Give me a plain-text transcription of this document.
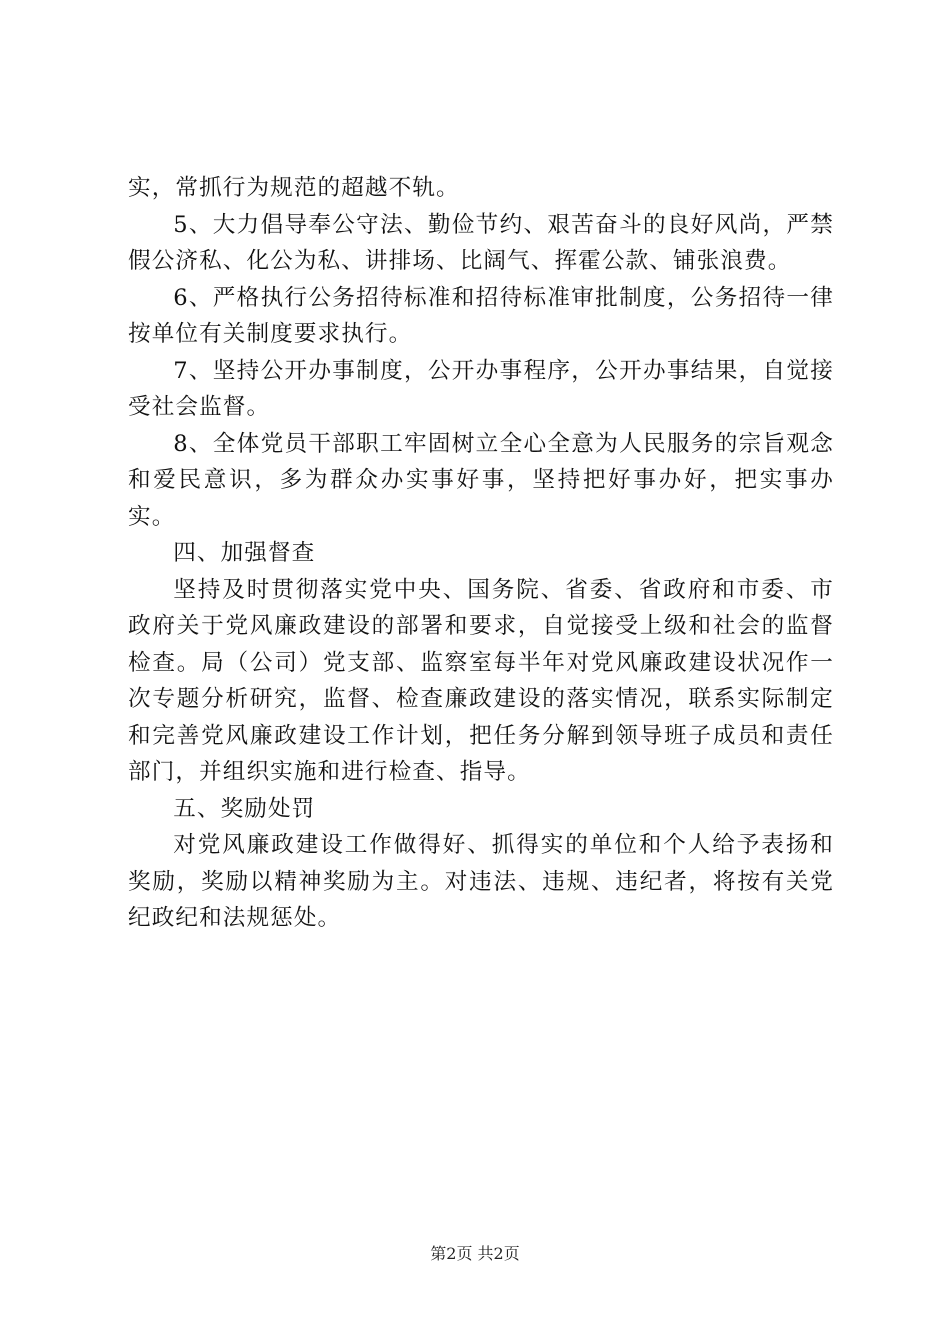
实，常抓行为规范的超越不轨。

5、大力倡导奉公守法、勤俭节约、艰苦奋斗的良好风尚，严禁假公济私、化公为私、讲排场、比阔气、挥霍公款、铺张浪费。

6、严格执行公务招待标准和招待标准审批制度，公务招待一律按单位有关制度要求执行。

7、坚持公开办事制度，公开办事程序，公开办事结果，自觉接受社会监督。

8、全体党员干部职工牢固树立全心全意为人民服务的宗旨观念和爱民意识，多为群众办实事好事，坚持把好事办好，把实事办实。

四、加强督查

坚持及时贯彻落实党中央、国务院、省委、省政府和市委、市政府关于党风廉政建设的部署和要求，自觉接受上级和社会的监督检查。局（公司）党支部、监察室每半年对党风廉政建设状况作一次专题分析研究，监督、检查廉政建设的落实情况，联系实际制定和完善党风廉政建设工作计划，把任务分解到领导班子成员和责任部门，并组织实施和进行检查、指导。

五、奖励处罚

对党风廉政建设工作做得好、抓得实的单位和个人给予表扬和奖励，奖励以精神奖励为主。对违法、违规、违纪者，将按有关党纪政纪和法规惩处。

第2页 共2页
